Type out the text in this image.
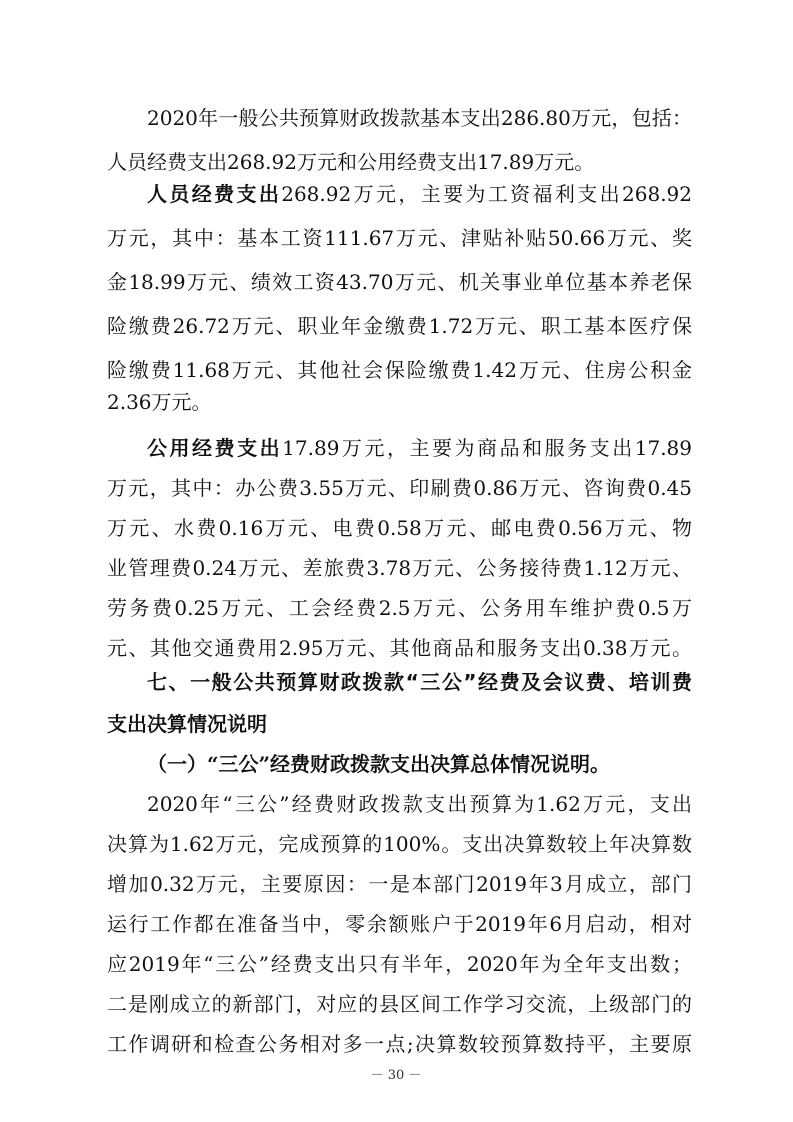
2020年一般公共预算财政拨款基本支出286.80万元，包括：
人员经费支出268.92万元和公用经费支出17.89万元。
人员经费支出268.92万元，主要为工资福利支出268.92
万元，其中：基本工资111.67万元、津贴补贴50.66万元、奖
金18.99万元、绩效工资43.70万元、机关事业单位基本养老保
险缴费26.72万元、职业年金缴费1.72万元、职工基本医疗保
险缴费11.68万元、其他社会保险缴费1.42万元、住房公积金
2.36万元。
公用经费支出17.89万元，主要为商品和服务支出17.89
万元，其中：办公费3.55万元、印刷费0.86万元、咨询费0.45
万元、水费0.16万元、电费0.58万元、邮电费0.56万元、物
业管理费0.24万元、差旅费3.78万元、公务接待费1.12万元、
劳务费0.25万元、工会经费2.5万元、公务用车维护费0.5万
元、其他交通费用2.95万元、其他商品和服务支出0.38万元。
七、一般公共预算财政拨款“三公”经费及会议费、培训费
支出决算情况说明
（一）“三公”经费财政拨款支出决算总体情况说明。
2020年“三公”经费财政拨款支出预算为1.62万元，支出
决算为1.62万元，完成预算的100%。支出决算数较上年决算数
增加0.32万元，主要原因：一是本部门2019年3月成立，部门
运行工作都在准备当中，零余额账户于2019年6月启动，相对
应2019年“三公”经费支出只有半年，2020年为全年支出数；
二是刚成立的新部门，对应的县区间工作学习交流，上级部门的
工作调研和检查公务相对多一点;决算数较预算数持平，主要原
－ 30 －
